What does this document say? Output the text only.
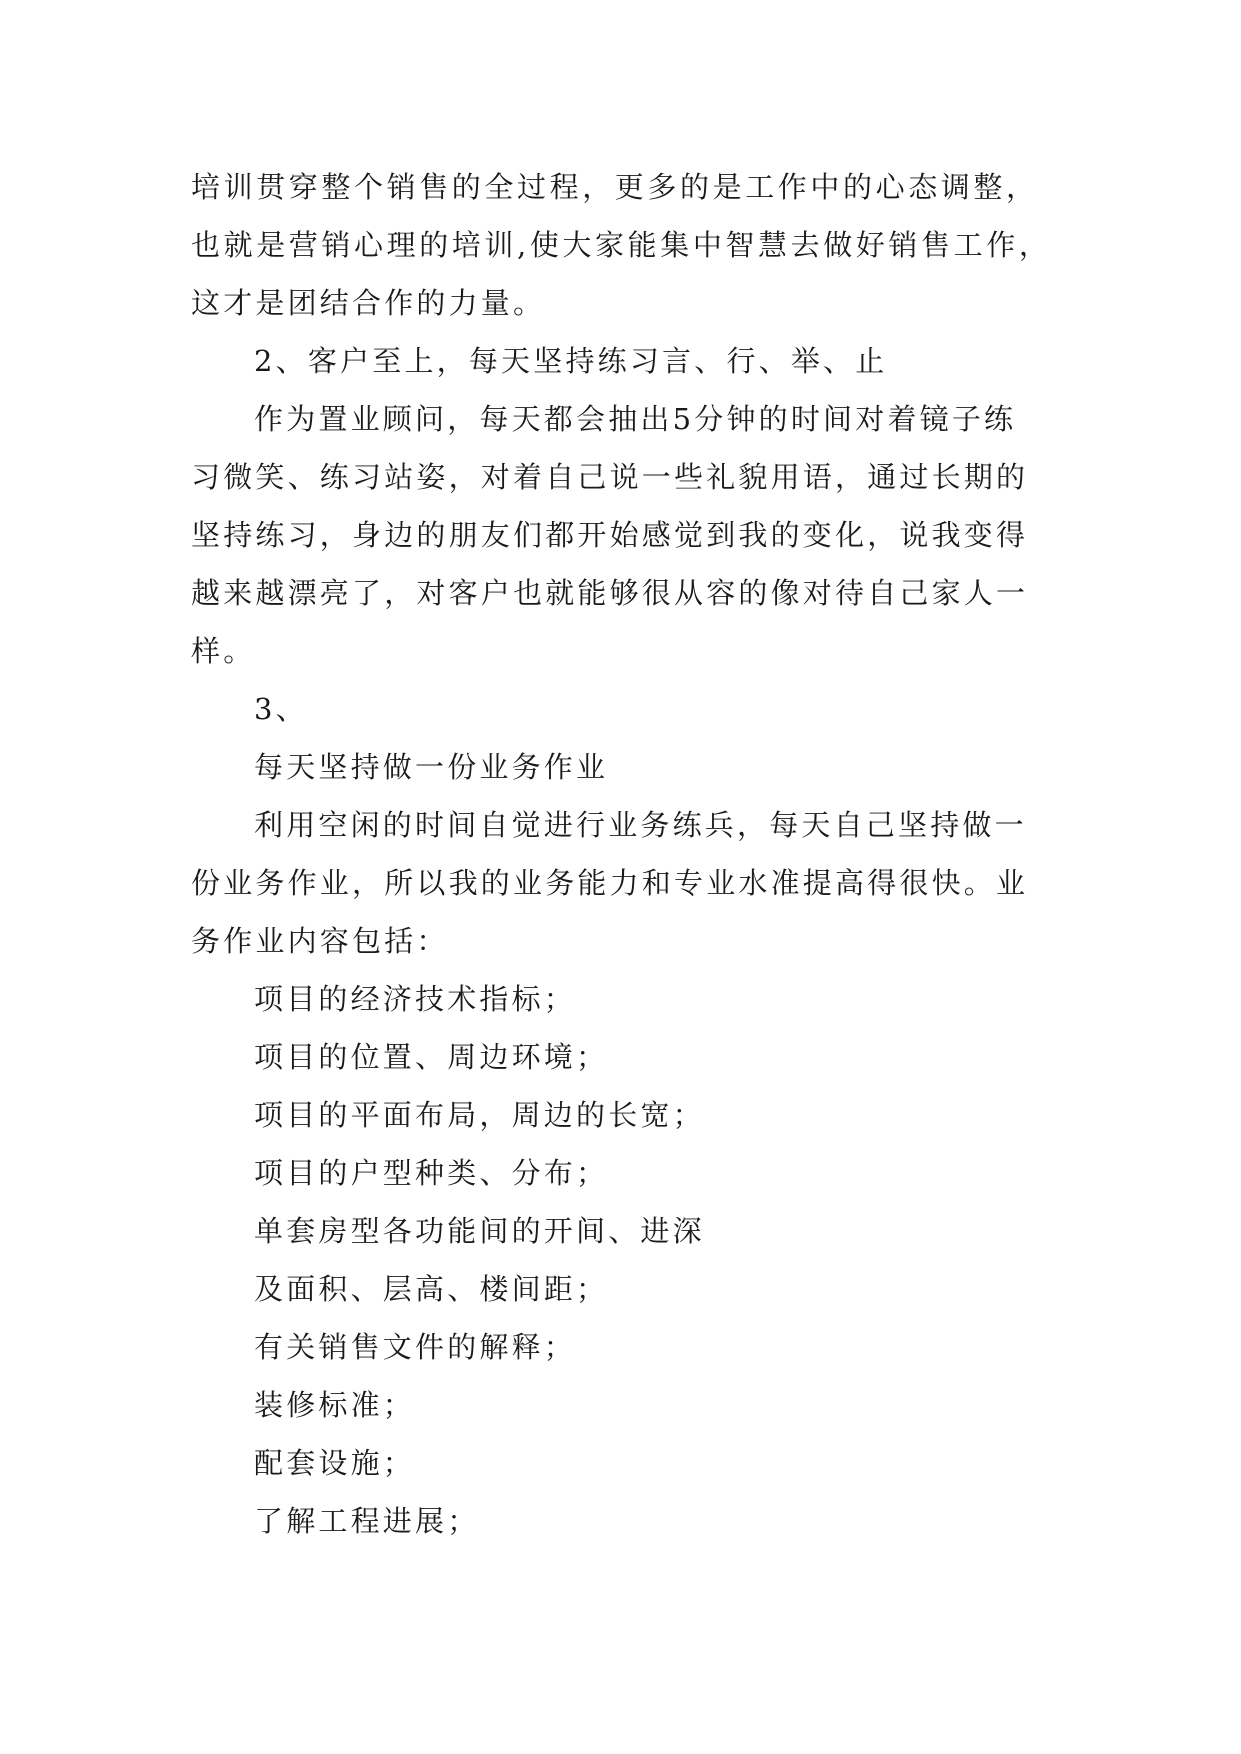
培训贯穿整个销售的全过程，更多的是工作中的心态调整，

也就是营销心理的培训,使大家能集中智慧去做好销售工作，

这才是团结合作的力量。

2、客户至上，每天坚持练习言、行、举、止

作为置业顾问，每天都会抽出5分钟的时间对着镜子练

习微笑、练习站姿，对着自己说一些礼貌用语，通过长期的

坚持练习，身边的朋友们都开始感觉到我的变化，说我变得

越来越漂亮了，对客户也就能够很从容的像对待自己家人一

样。

3、

每天坚持做一份业务作业

利用空闲的时间自觉进行业务练兵，每天自己坚持做一

份业务作业，所以我的业务能力和专业水准提高得很快。业

务作业内容包括：

项目的经济技术指标；

项目的位置、周边环境；

项目的平面布局，周边的长宽；

项目的户型种类、分布；

单套房型各功能间的开间、进深

及面积、层高、楼间距；

有关销售文件的解释；

装修标准；

配套设施；

了解工程进展；
